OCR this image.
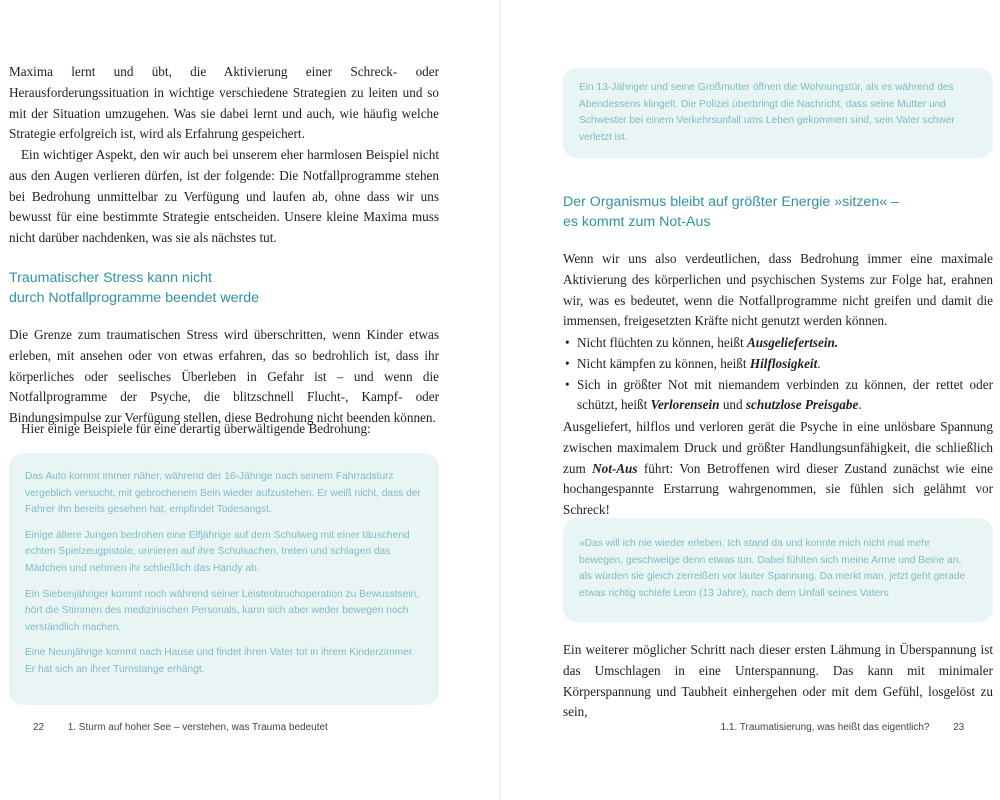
Maxima lernt und übt, die Aktivierung einer Schreck- oder Herausforderungssituation in wichtige verschiedene Strategien zu leiten und so mit der Situation umzugehen. Was sie dabei lernt und auch, wie häufig welche Strategie erfolgreich ist, wird als Erfahrung gespeichert.

Ein wichtiger Aspekt, den wir auch bei unserem eher harmlosen Beispiel nicht aus den Augen verlieren dürfen, ist der folgende: Die Notfallprogramme stehen bei Bedrohung unmittelbar zu Verfügung und laufen ab, ohne dass wir uns bewusst für eine bestimmte Strategie entscheiden. Unsere kleine Maxima muss nicht darüber nachdenken, was sie als nächstes tut.

Traumatischer Stress kann nicht

durch Notfallprogramme beendet werde

Die Grenze zum traumatischen Stress wird überschritten, wenn Kinder etwas erleben, mit ansehen oder von etwas erfahren, das so bedrohlich ist, dass ihr körperliches oder seelisches Überleben in Gefahr ist – und wenn die Notfallprogramme der Psyche, die blitzschnell Flucht-, Kampf- oder Bindungsimpulse zur Verfügung stellen, diese Bedrohung nicht beenden können.

Hier einige Beispiele für eine derartig überwältigende Bedrohung:

Das Auto kommt immer näher, während der 16-Jährige nach seinem Fahrradsturz vergeblich versucht, mit gebrochenem Bein wieder aufzustehen. Er weiß nicht, dass der Fahrer ihn bereits gesehen hat, empfindet Todesangst.

Einige ältere Jungen bedrohen eine Elfjährige auf dem Schulweg mit einer täuschend echten Spielzeugpistole, urinieren auf ihre Schulsachen, treten und schlagen das Mädchen und nehmen ihr schließlich das Handy ab.

Ein Siebenjähriger kommt noch während seiner Leistenbruchoperation zu Bewusstsein, hört die Stimmen des medizinischen Personals, kann sich aber weder bewegen noch verständlich machen.

Eine Neunjährige kommt nach Hause und findet ihren Vater tot in ihrem Kinderzimmer. Er hat sich an ihrer Turnstange erhängt.

22 1. Sturm auf hoher See – verstehen, was Trauma bedeutet

Ein 13-Jähriger und seine Großmutter öffnen die Wohnungstür, als es während des Abendessens klingelt. Die Polizei überbringt die Nachricht, dass seine Mutter und Schwester bei einem Verkehrsunfall ums Leben gekommen sind, sein Vater schwer verletzt ist.

Der Organismus bleibt auf größter Energie »sitzen« –

es kommt zum Not-Aus

Wenn wir uns also verdeutlichen, dass Bedrohung immer eine maximale Aktivierung des körperlichen und psychischen Systems zur Folge hat, erahnen wir, was es bedeutet, wenn die Notfallprogramme nicht greifen und damit die immensen, freigesetzten Kräfte nicht genutzt werden können.

• Nicht flüchten zu können, heißt Ausgeliefertsein.
• Nicht kämpfen zu können, heißt Hilflosigkeit.
• Sich in größter Not mit niemandem verbinden zu können, der rettet oder schützt, heißt Verlorensein und schutzlose Preisgabe.

Ausgeliefert, hilflos und verloren gerät die Psyche in eine unlösbare Spannung zwischen maximalem Druck und größter Handlungsunfähigkeit, die schließlich zum Not-Aus führt: Von Betroffenen wird dieser Zustand zunächst wie eine hochangespannte Erstarrung wahrgenommen, sie fühlen sich gelähmt vor Schreck!

»Das will ich nie wieder erleben. Ich stand da und konnte mich nicht mal mehr bewegen, geschweige denn etwas tun. Dabei fühlten sich meine Arme und Beine an, als würden sie gleich zerreißen vor lauter Spannung. Da merkt man, jetzt geht gerade etwas richtig schiefe Leon (13 Jahre), nach dem Unfall seines Vaters

Ein weiterer möglicher Schritt nach dieser ersten Lähmung in Überspannung ist das Umschlagen in eine Unterspannung. Das kann mit minimaler Körperspannung und Taubheit einhergehen oder mit dem Gefühl, losgelöst zu sein,

1.1. Traumatisierung, was heißt das eigentlich? 23
